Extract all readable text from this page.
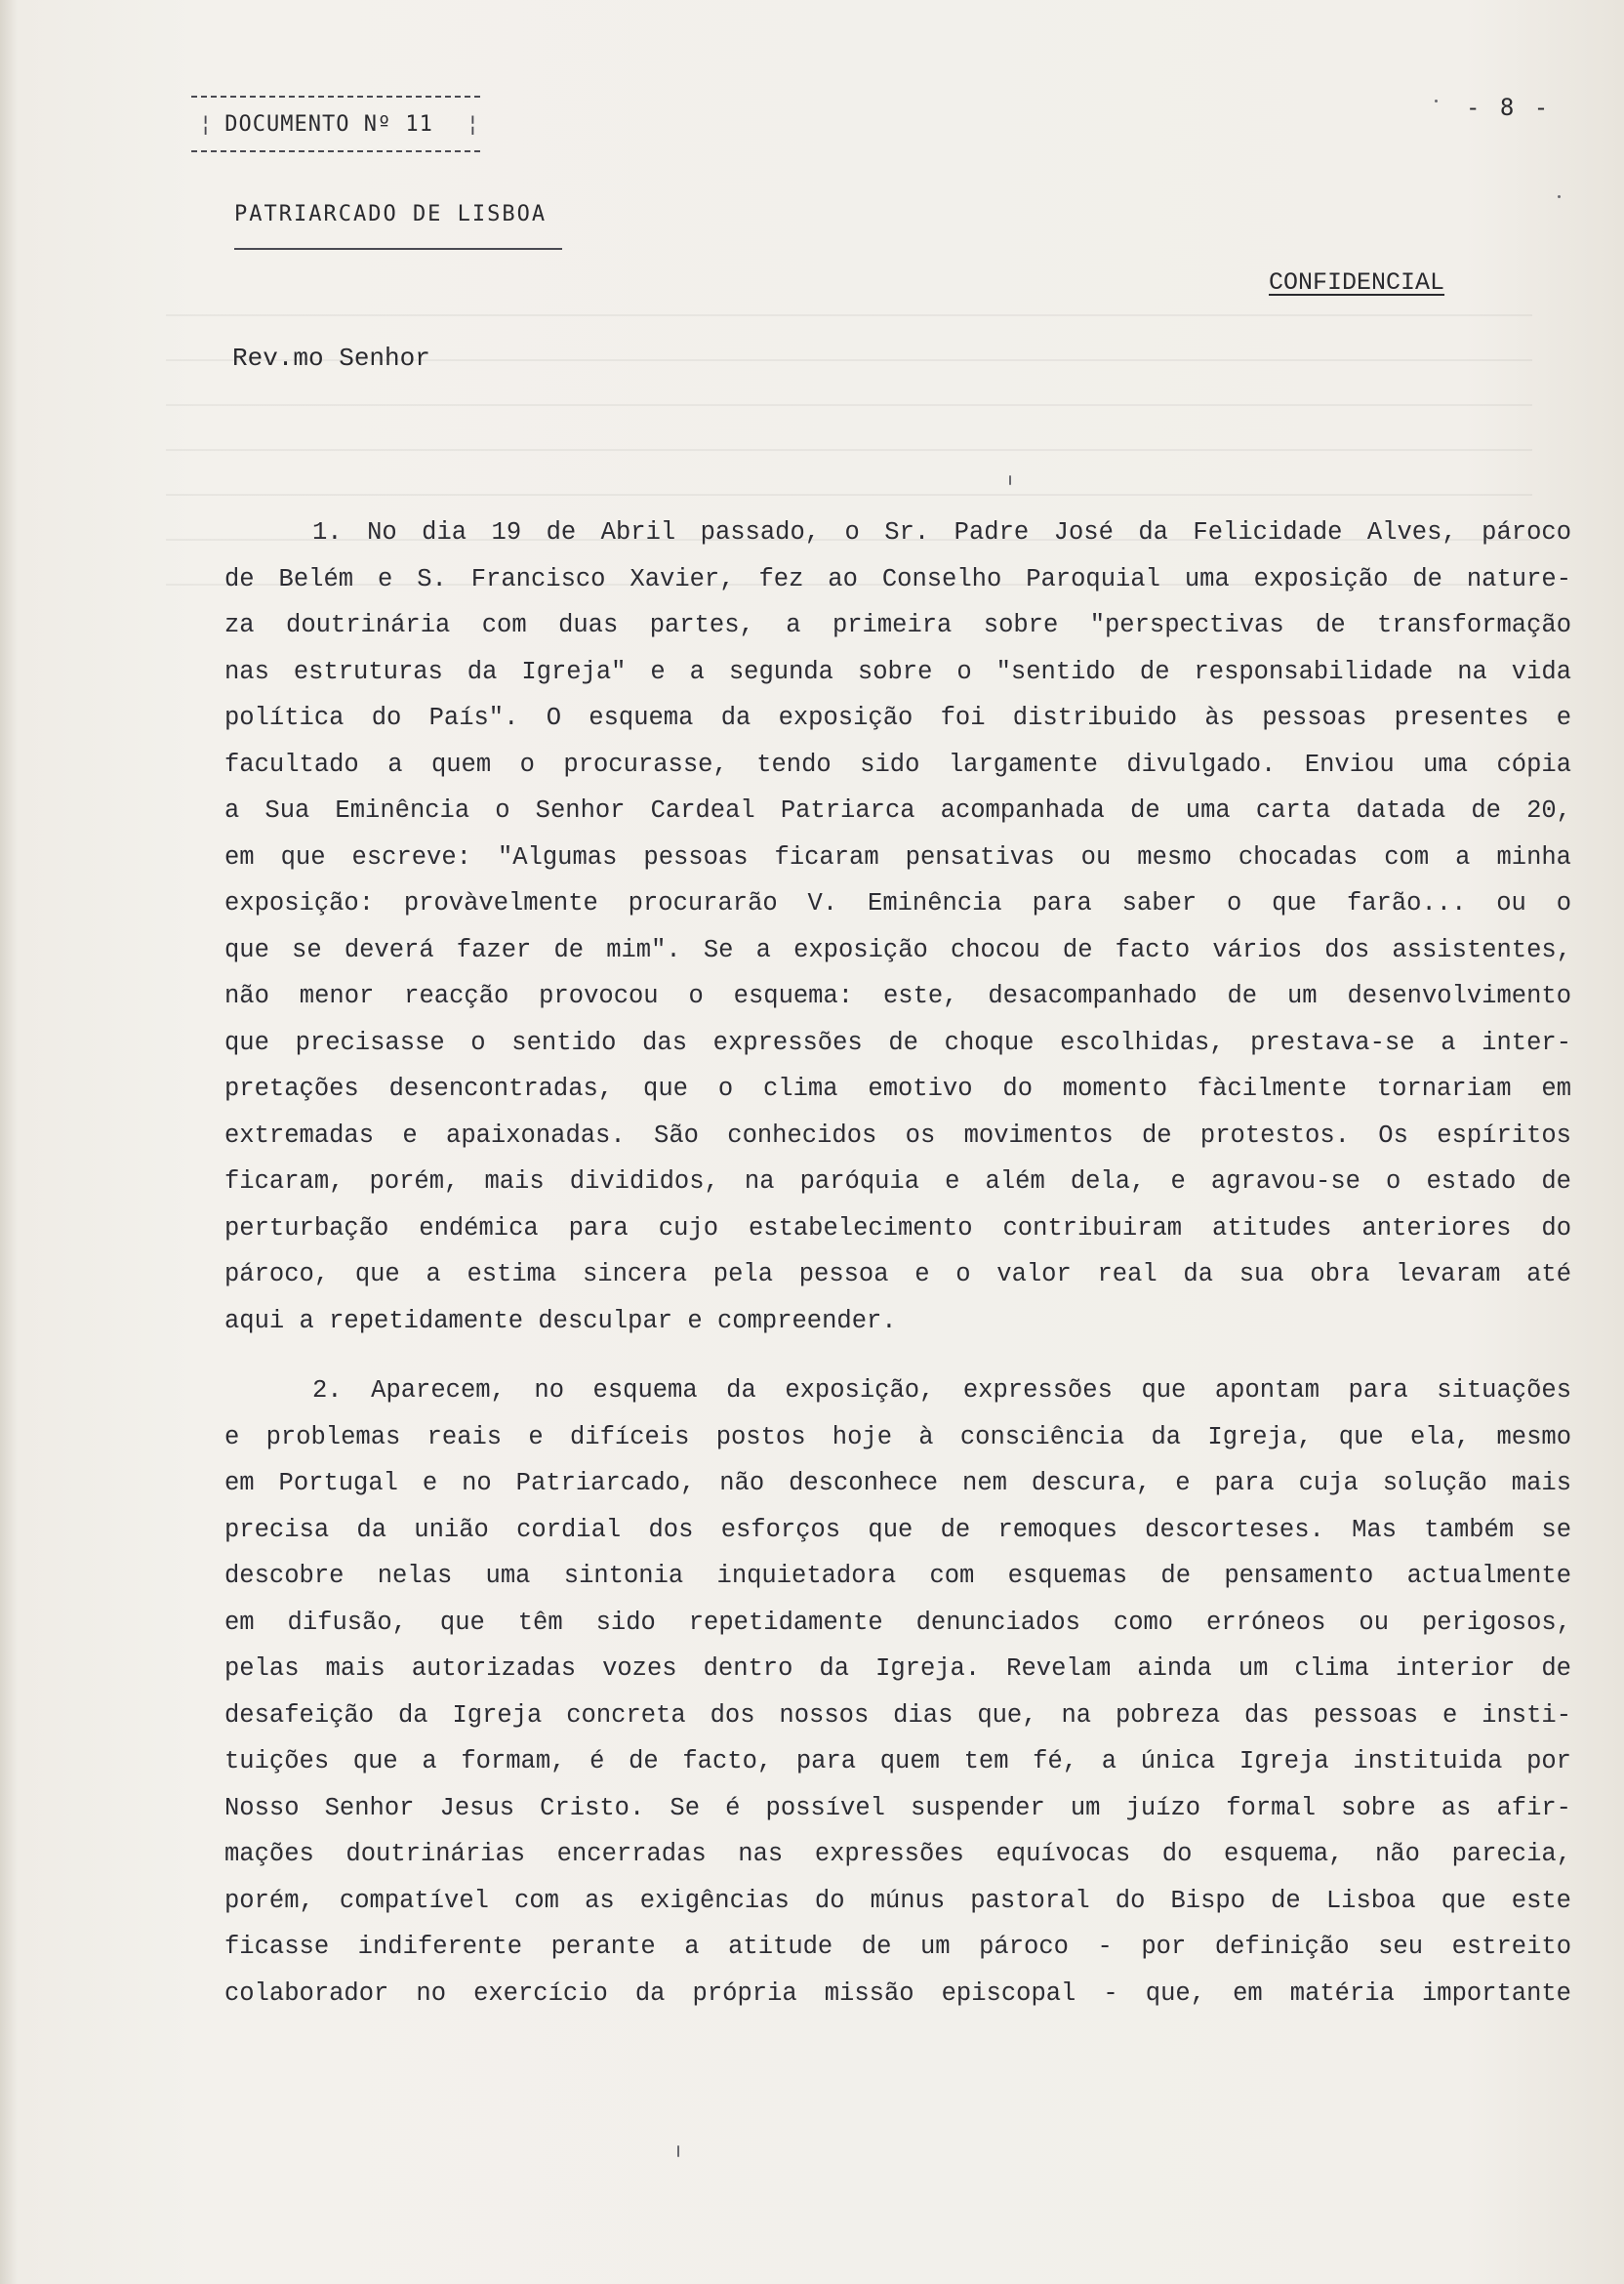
¦ DOCUMENTO Nº 11 ¦
PATRIARCADO DE LISBOA
- 8 -
CONFIDENCIAL
Rev.mo Senhor
1. No dia 19 de Abril passado, o Sr. Padre José da Felicidade Alves, pároco
de Belém e S. Francisco Xavier, fez ao Conselho Paroquial uma exposição de nature-
za doutrinária com duas partes, a primeira sobre "perspectivas de transformação
nas estruturas da Igreja" e a segunda sobre o "sentido de responsabilidade na vida
política do País". O esquema da exposição foi distribuido às pessoas presentes e
facultado a quem o procurasse, tendo sido largamente divulgado. Enviou uma cópia
a Sua Eminência o Senhor Cardeal Patriarca acompanhada de uma carta datada de 20,
em que escreve: "Algumas pessoas ficaram pensativas ou mesmo chocadas com a minha
exposição: provàvelmente procurarão V. Eminência para saber o que farão... ou o
que se deverá fazer de mim". Se a exposição chocou de facto vários dos assistentes,
não menor reacção provocou o esquema: este, desacompanhado de um desenvolvimento
que precisasse o sentido das expressões de choque escolhidas, prestava-se a inter-
pretações desencontradas, que o clima emotivo do momento fàcilmente tornariam em
extremadas e apaixonadas. São conhecidos os movimentos de protestos. Os espíritos
ficaram, porém, mais divididos, na paróquia e além dela, e agravou-se o estado de
perturbação endémica para cujo estabelecimento contribuiram atitudes anteriores do
pároco, que a estima sincera pela pessoa e o valor real da sua obra levaram até
aqui a repetidamente desculpar e compreender.
2. Aparecem, no esquema da exposição, expressões que apontam para situações
e problemas reais e difíceis postos hoje à consciência da Igreja, que ela, mesmo
em Portugal e no Patriarcado, não desconhece nem descura, e para cuja solução mais
precisa da união cordial dos esforços que de remoques descorteses. Mas também se
descobre nelas uma sintonia inquietadora com esquemas de pensamento actualmente
em difusão, que têm sido repetidamente denunciados como erróneos ou perigosos,
pelas mais autorizadas vozes dentro da Igreja. Revelam ainda um clima interior de
desafeição da Igreja concreta dos nossos dias que, na pobreza das pessoas e insti-
tuições que a formam, é de facto, para quem tem fé, a única Igreja instituida por
Nosso Senhor Jesus Cristo. Se é possível suspender um juízo formal sobre as afir-
mações doutrinárias encerradas nas expressões equívocas do esquema, não parecia,
porém, compatível com as exigências do múnus pastoral do Bispo de Lisboa que este
ficasse indiferente perante a atitude de um pároco - por definição seu estreito
colaborador no exercício da própria missão episcopal - que, em matéria importante
